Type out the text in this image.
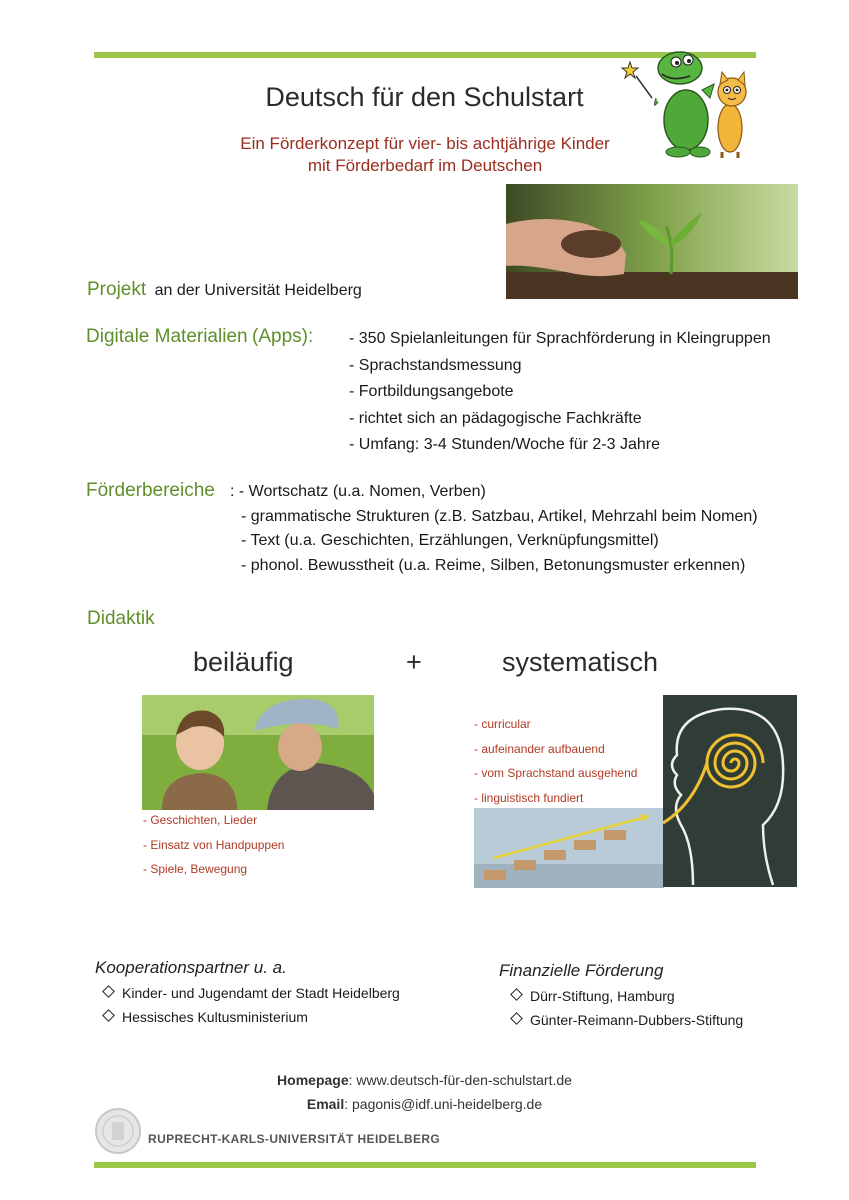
Deutsch für den Schulstart
Ein Förderkonzept für vier- bis achtjährige Kinder
mit Förderbedarf im Deutschen
Projekt an der Universität Heidelberg
Digitale Materialien (Apps): - 350 Spielanleitungen für Sprachförderung in Kleingruppen
- Sprachstandsmessung
- Fortbildungsangebote
- richtet sich an pädagogische Fachkräfte
- Umfang: 3-4 Stunden/Woche für 2-3 Jahre
Förderbereiche : - Wortschatz (u.a. Nomen, Verben)
- grammatische Strukturen (z.B. Satzbau, Artikel, Mehrzahl beim Nomen)
- Text (u.a. Geschichten, Erzählungen, Verknüpfungsmittel)
- phonol. Bewusstheit (u.a. Reime, Silben, Betonungsmuster erkennen)
Didaktik
beiläufig	+	systematisch
- Geschichten, Lieder
- Einsatz von Handpuppen
- Spiele, Bewegung
- curricular
- aufeinander aufbauend
- vom Sprachstand ausgehend
- linguistisch fundiert
Kooperationspartner u. a.
Kinder- und Jugendamt der Stadt Heidelberg
Hessisches Kultusministerium
Finanzielle Förderung
Dürr-Stiftung, Hamburg
Günter-Reimann-Dubbers-Stiftung
Homepage: www.deutsch-für-den-schulstart.de
Email: pagonis@idf.uni-heidelberg.de
RUPRECHT-KARLS-UNIVERSITÄT HEIDELBERG
